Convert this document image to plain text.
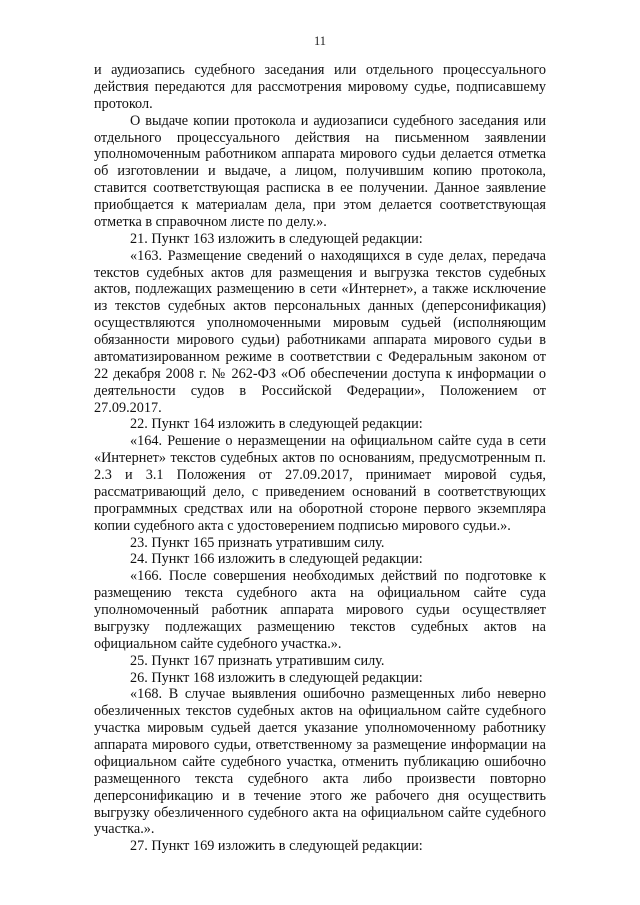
11

и аудиозапись судебного заседания или отдельного процессуального действия передаются для рассмотрения мировому судье, подписавшему протокол.

О выдаче копии протокола и аудиозаписи судебного заседания или отдельного процессуального действия на письменном заявлении уполномоченным работником аппарата мирового судьи делается отметка об изготовлении и выдаче, а лицом, получившим копию протокола, ставится соответствующая расписка в ее получении. Данное заявление приобщается к материалам дела, при этом делается соответствующая отметка в справочном листе по делу.».

21. Пункт 163 изложить в следующей редакции:

«163. Размещение сведений о находящихся в суде делах, передача текстов судебных актов для размещения и выгрузка текстов судебных актов, подлежащих размещению в сети «Интернет», а также исключение из текстов судебных актов персональных данных (деперсонификация) осуществляются уполномоченными мировым судьей (исполняющим обязанности мирового судьи) работниками аппарата мирового судьи в автоматизированном режиме в соответствии с Федеральным законом от 22 декабря 2008 г. № 262-ФЗ «Об обеспечении доступа к информации о деятельности судов в Российской Федерации», Положением от 27.09.2017.

22. Пункт 164 изложить в следующей редакции:

«164. Решение о неразмещении на официальном сайте суда в сети «Интернет» текстов судебных актов по основаниям, предусмотренным п. 2.3 и 3.1 Положения от 27.09.2017, принимает мировой судья, рассматривающий дело, с приведением оснований в соответствующих программных средствах или на оборотной стороне первого экземпляра копии судебного акта с удостоверением подписью мирового судьи.».

23. Пункт 165 признать утратившим силу.

24. Пункт 166 изложить в следующей редакции:

«166. После совершения необходимых действий по подготовке к размещению текста судебного акта на официальном сайте суда уполномоченный работник аппарата мирового судьи осуществляет выгрузку подлежащих размещению текстов судебных актов на официальном сайте судебного участка.».

25. Пункт 167 признать утратившим силу.

26. Пункт 168 изложить в следующей редакции:

«168. В случае выявления ошибочно размещенных либо неверно обезличенных текстов судебных актов на официальном сайте судебного участка мировым судьей дается указание уполномоченному работнику аппарата мирового судьи, ответственному за размещение информации на официальном сайте судебного участка, отменить публикацию ошибочно размещенного текста судебного акта либо произвести повторно деперсонификацию и в течение этого же рабочего дня осуществить выгрузку обезличенного судебного акта на официальном сайте судебного участка.».

27. Пункт 169 изложить в следующей редакции:
